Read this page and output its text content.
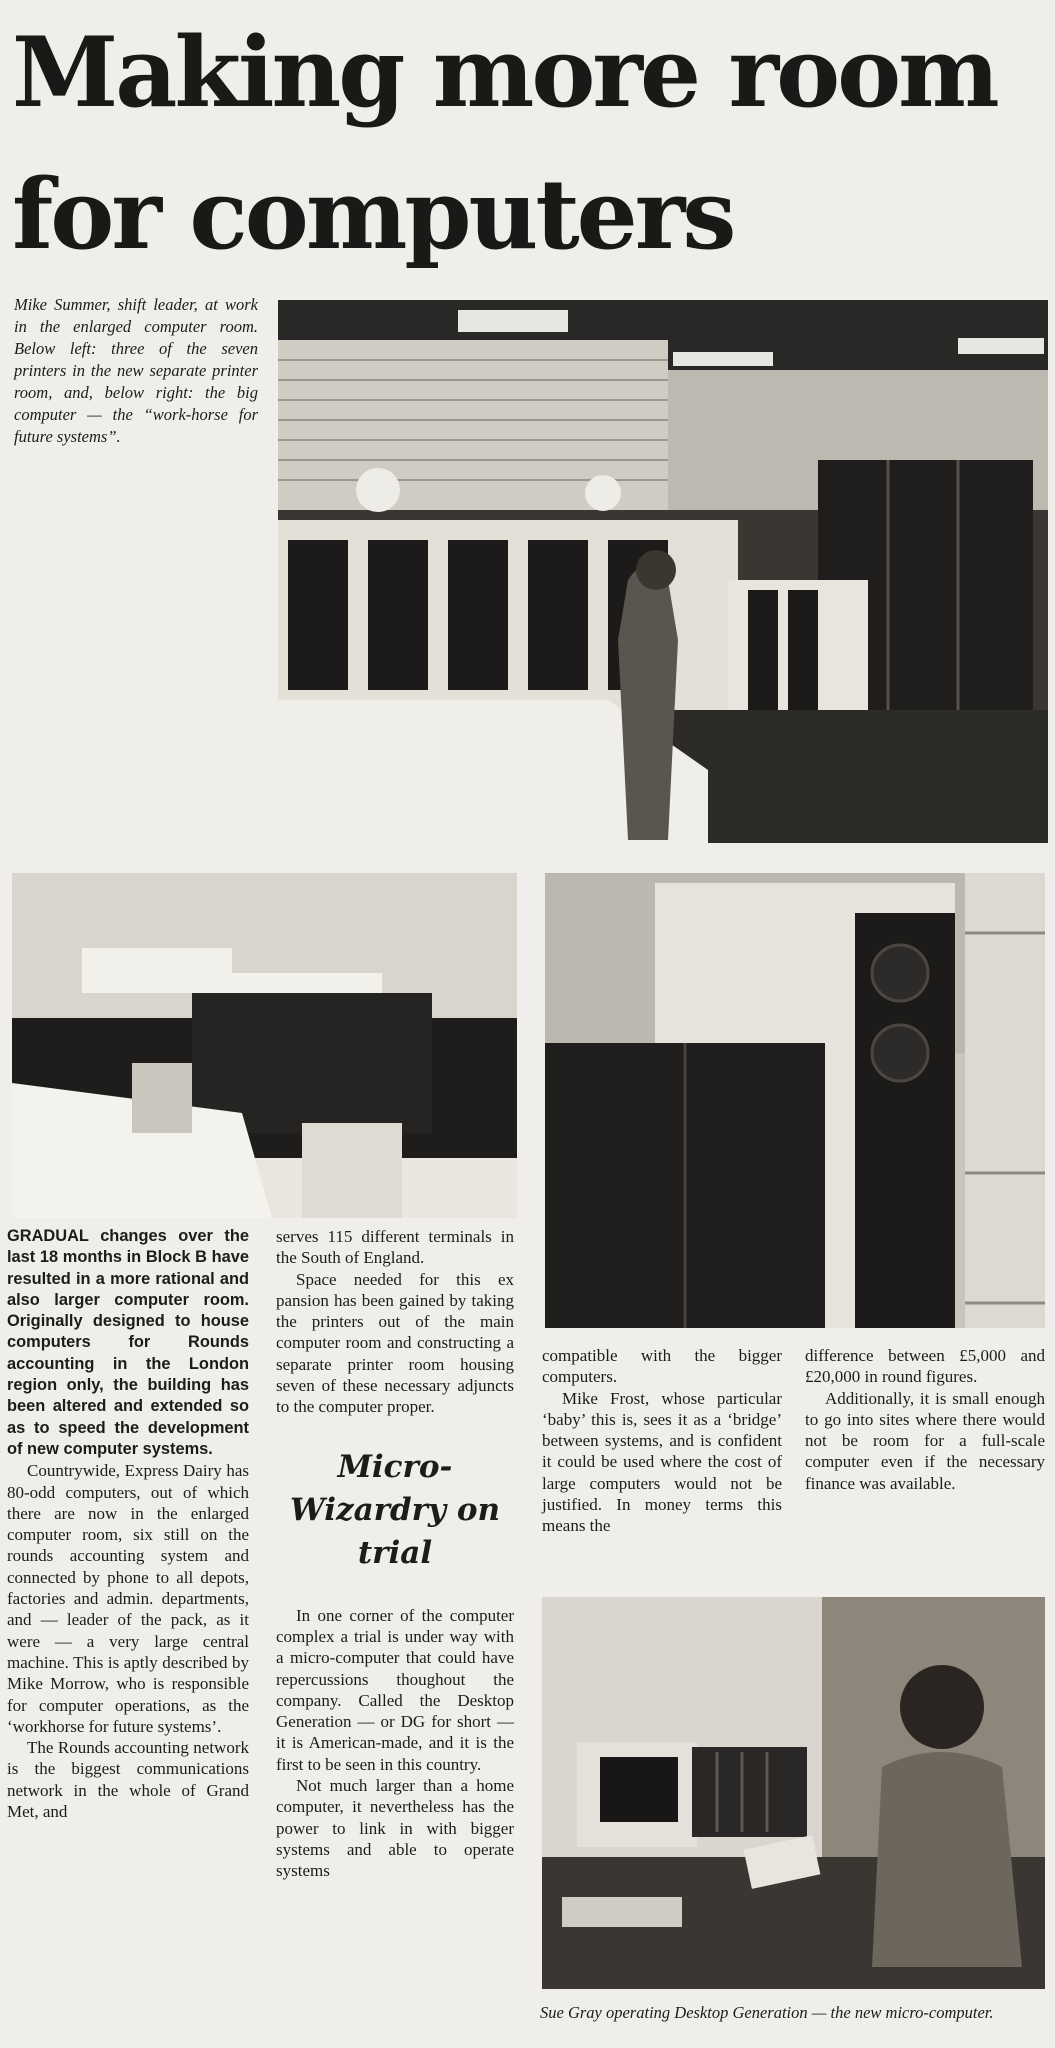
Making more room
for computers
Mike Summer, shift leader, at work in the enlarged computer room. Below left: three of the seven printers in the new separate printer room, and, below right: the big computer — the “work-horse for future systems”.

GRADUAL changes over the last 18 months in Block B have resulted in a more rational and also larger computer room. Originally designed to house computers for Rounds accounting in the London region only, the building has been altered and extended so as to speed the development of new computer systems.

Countrywide, Express Dairy has 80-odd computers, out of which there are now in the enlarged computer room, six still on the rounds accounting system and connected by phone to all depots, factories and admin. departments, and — leader of the pack, as it were — a very large central machine. This is aptly described by Mike Morrow, who is responsible for computer operations, as the ‘workhorse for future systems’.

The Rounds accounting network is the biggest communications network in the whole of Grand Met, and

serves 115 different terminals in the South of England.

Space needed for this ex pansion has been gained by taking the printers out of the main computer room and constructing a separate printer room housing seven of these necessary adjuncts to the computer proper.

Micro-Wizardry on trial

In one corner of the computer complex a trial is under way with a micro-computer that could have repercussions thoughout the company. Called the Desktop Generation — or DG for short — it is American-made, and it is the first to be seen in this country.

Not much larger than a home computer, it nevertheless has the power to link in with bigger systems and able to operate systems

compatible with the bigger computers.

Mike Frost, whose particular ‘baby’ this is, sees it as a ‘bridge’ between systems, and is confident it could be used where the cost of large computers would not be justified. In money terms this means the

difference between £5,000 and £20,000 in round figures.

Additionally, it is small enough to go into sites where there would not be room for a full-scale computer even if the necessary finance was available.

Sue Gray operating Desktop Generation — the new micro-computer.
